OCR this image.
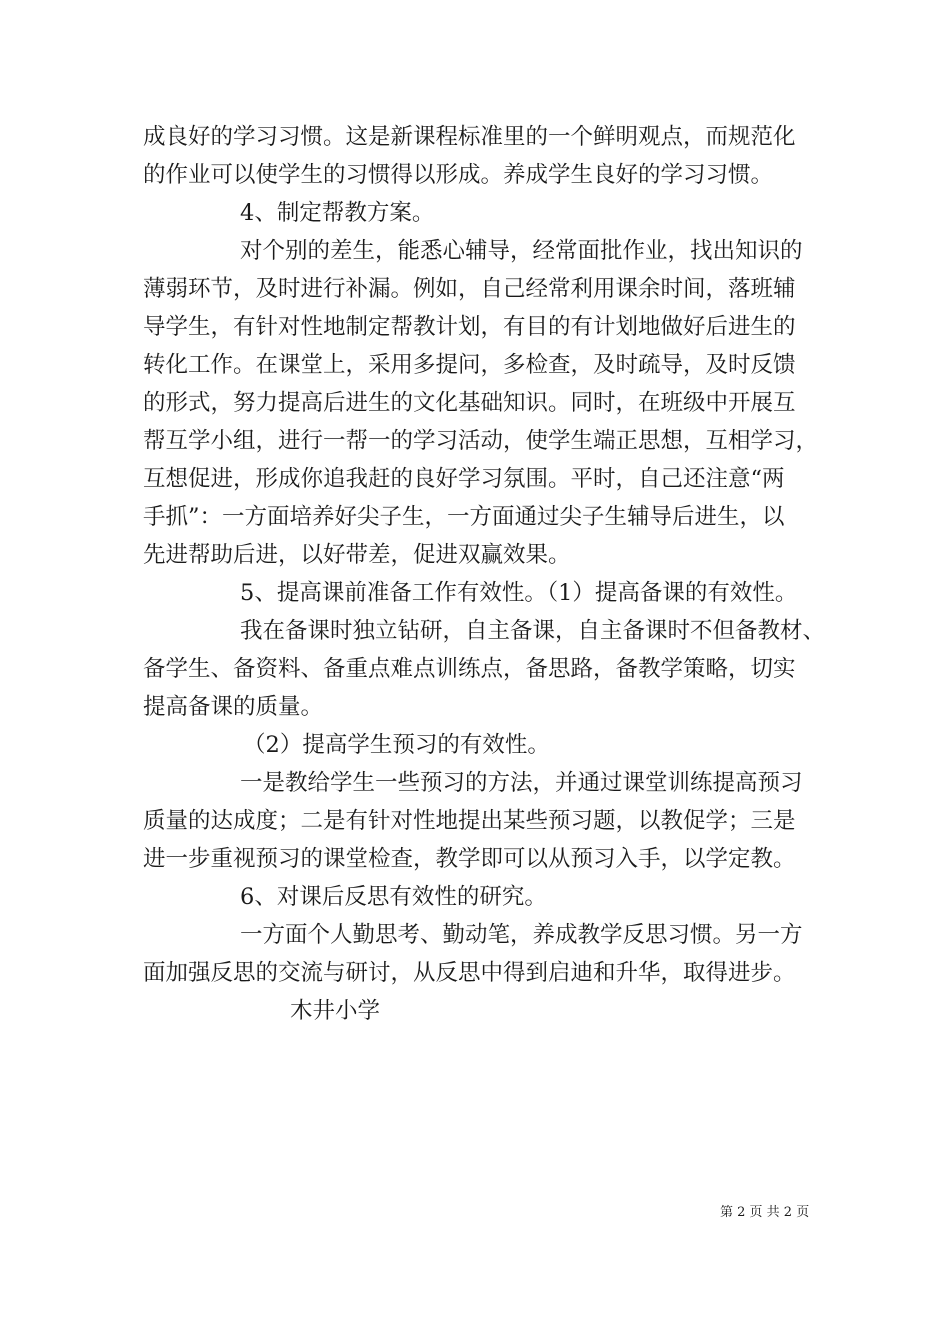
成良好的学习习惯。这是新课程标准里的一个鲜明观点，而规范化
的作业可以使学生的习惯得以形成。养成学生良好的学习习惯。
4、制定帮教方案。
对个别的差生，能悉心辅导，经常面批作业，找出知识的
薄弱环节，及时进行补漏。例如，自己经常利用课余时间，落班辅
导学生，有针对性地制定帮教计划，有目的有计划地做好后进生的
转化工作。在课堂上，采用多提问，多检查，及时疏导，及时反馈
的形式，努力提高后进生的文化基础知识。同时，在班级中开展互
帮互学小组，进行一帮一的学习活动，使学生端正思想，互相学习，
互想促进，形成你追我赶的良好学习氛围。平时，自己还注意“两
手抓”：一方面培养好尖子生，一方面通过尖子生辅导后进生，以
先进帮助后进，以好带差，促进双赢效果。
5、提高课前准备工作有效性。（1）提高备课的有效性。
我在备课时独立钻研，自主备课，自主备课时不但备教材、
备学生、备资料、备重点难点训练点，备思路，备教学策略，切实
提高备课的质量。
（2）提高学生预习的有效性。
一是教给学生一些预习的方法，并通过课堂训练提高预习
质量的达成度；二是有针对性地提出某些预习题，以教促学；三是
进一步重视预习的课堂检查，教学即可以从预习入手，以学定教。
6、对课后反思有效性的研究。
一方面个人勤思考、勤动笔，养成教学反思习惯。另一方
面加强反思的交流与研讨，从反思中得到启迪和升华，取得进步。
木井小学
第 2 页 共 2 页
